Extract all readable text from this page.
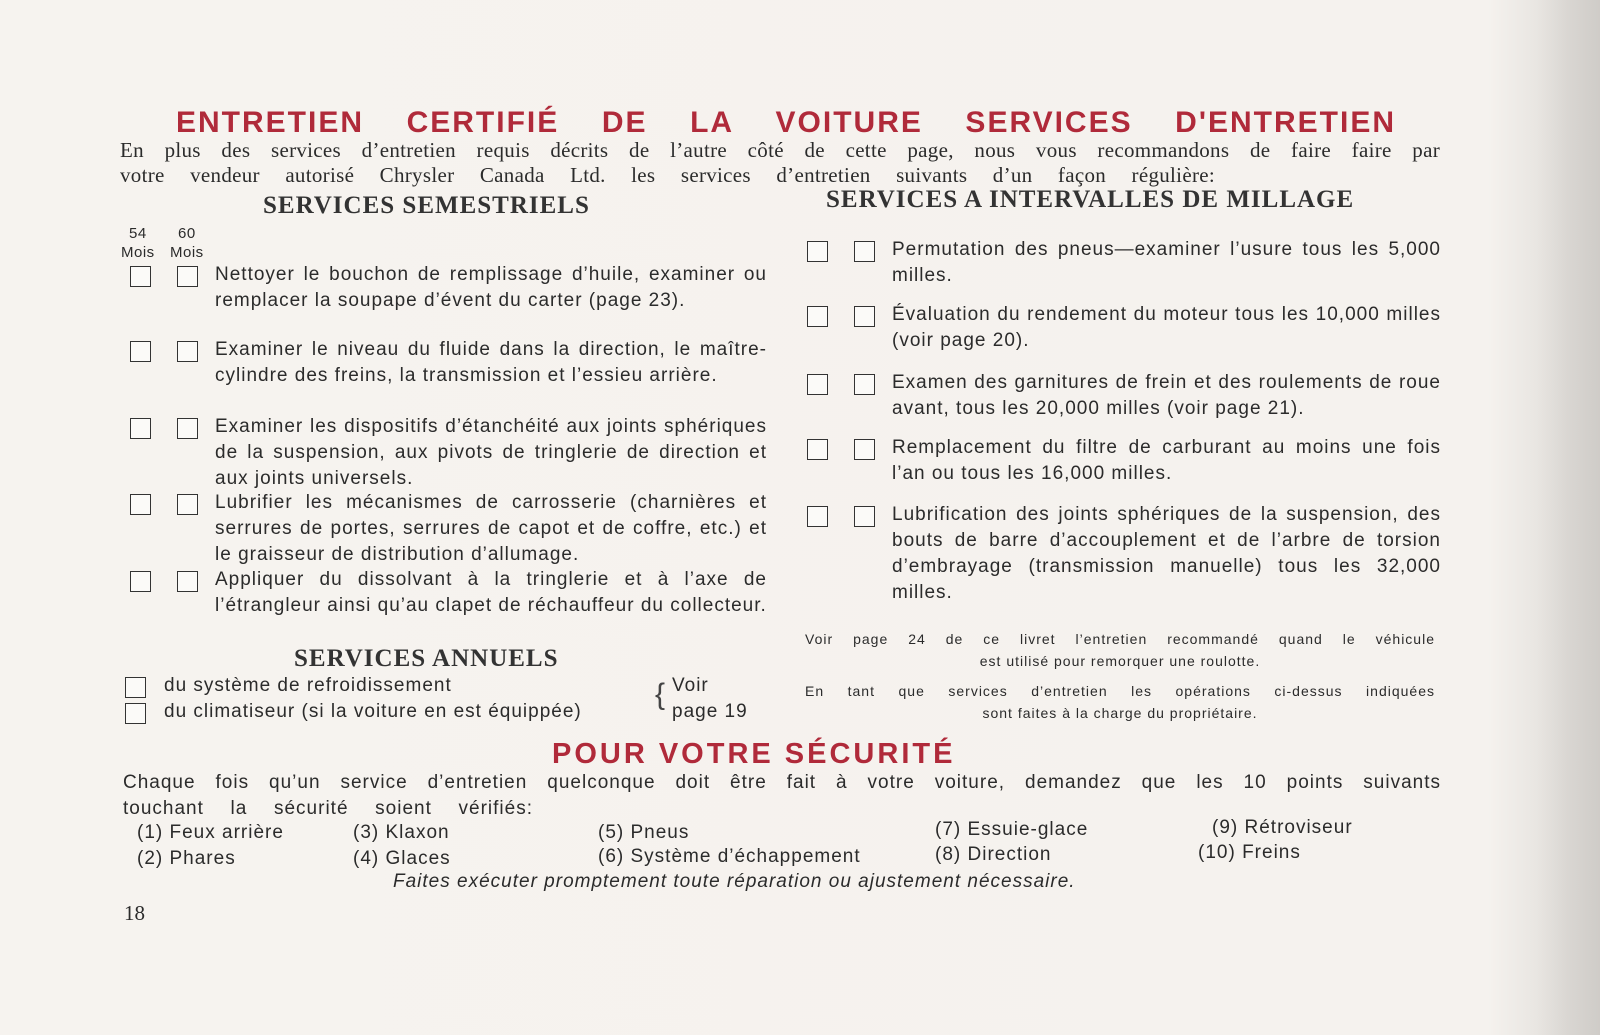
ENTRETIEN CERTIFIÉ DE LA VOITURE SERVICES D'ENTRETIEN
En plus des services d’entretien requis décrits de l’autre côté de cette page, nous vous recommandons de faire faire par
votre vendeur autorisé Chrysler Canada Ltd. les services d’entretien suivants d’un façon régulière:
SERVICES SEMESTRIELS
54
Mois
60
Mois
Nettoyer le bouchon de remplissage d’huile, examiner ou remplacer la soupape d’évent du carter (page 23).
Examiner le niveau du fluide dans la direction, le maître-cylindre des freins, la transmission et l’essieu arrière.
Examiner les dispositifs d’étanchéité aux joints sphériques de la suspension, aux pivots de tringlerie de direction et aux joints universels.
Lubrifier les mécanismes de carrosserie (charnières et serrures de portes, serrures de capot et de coffre, etc.) et le graisseur de distribution d’allumage.
Appliquer du dissolvant à la tringlerie et à l’axe de l’étrangleur ainsi qu’au clapet de réchauffeur du collecteur.
SERVICES ANNUELS
du système de refroidissement
du climatiseur (si la voiture en est équippée)
{ Voir
page 19
SERVICES A INTERVALLES DE MILLAGE
Permutation des pneus—examiner l’usure tous les 5,000 milles.
Évaluation du rendement du moteur tous les 10,000 milles (voir page 20).
Examen des garnitures de frein et des roulements de roue avant, tous les 20,000 milles (voir page 21).
Remplacement du filtre de carburant au moins une fois l’an ou tous les 16,000 milles.
Lubrification des joints sphériques de la suspension, des bouts de barre d’accouplement et de l’arbre de torsion d’embrayage (transmission manuelle) tous les 32,000 milles.
Voir page 24 de ce livret l’entretien recommandé quand le véhicule
est utilisé pour remorquer une roulotte.
En tant que services d’entretien les opérations ci-dessus indiquées
sont faites à la charge du propriétaire.
POUR VOTRE SÉCURITÉ
Chaque fois qu’un service d’entretien quelconque doit être fait à votre voiture, demandez que les 10 points suivants
touchant la sécurité soient vérifiés:
(1) Feux arrière
(2) Phares
(3) Klaxon
(4) Glaces
(5) Pneus
(6) Système d’échappement
(7) Essuie-glace
(8) Direction
(9) Rétroviseur
(10) Freins
Faites exécuter promptement toute réparation ou ajustement nécessaire.
18
